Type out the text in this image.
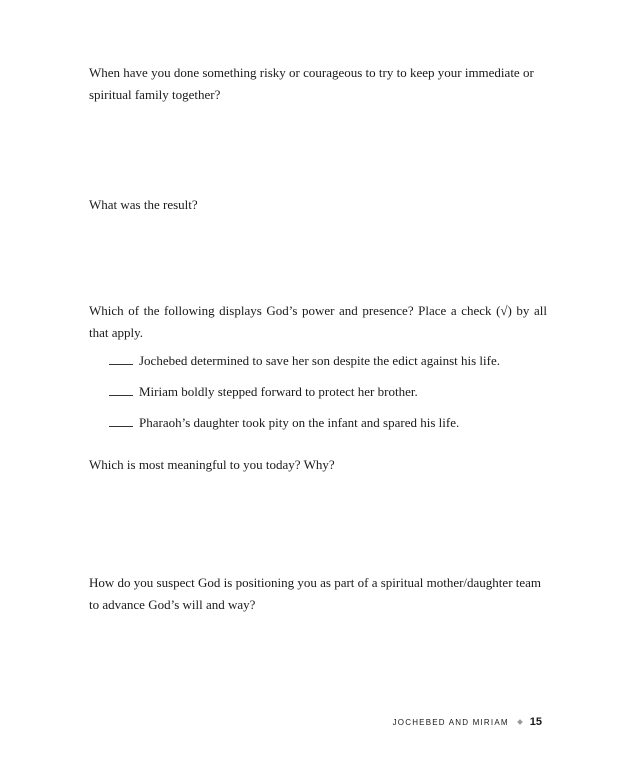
When have you done something risky or courageous to try to keep your immediate or spiritual family together?

What was the result?

Which of the following displays God’s power and presence? Place a check (√) by all that apply.

Jochebed determined to save her son despite the edict against his life.
Miriam boldly stepped forward to protect her brother.
Pharaoh’s daughter took pity on the infant and spared his life.

Which is most meaningful to you today? Why?

How do you suspect God is positioning you as part of a spiritual mother/daughter team to advance God’s will and way?

JOCHEBED AND MIRIAM 15
